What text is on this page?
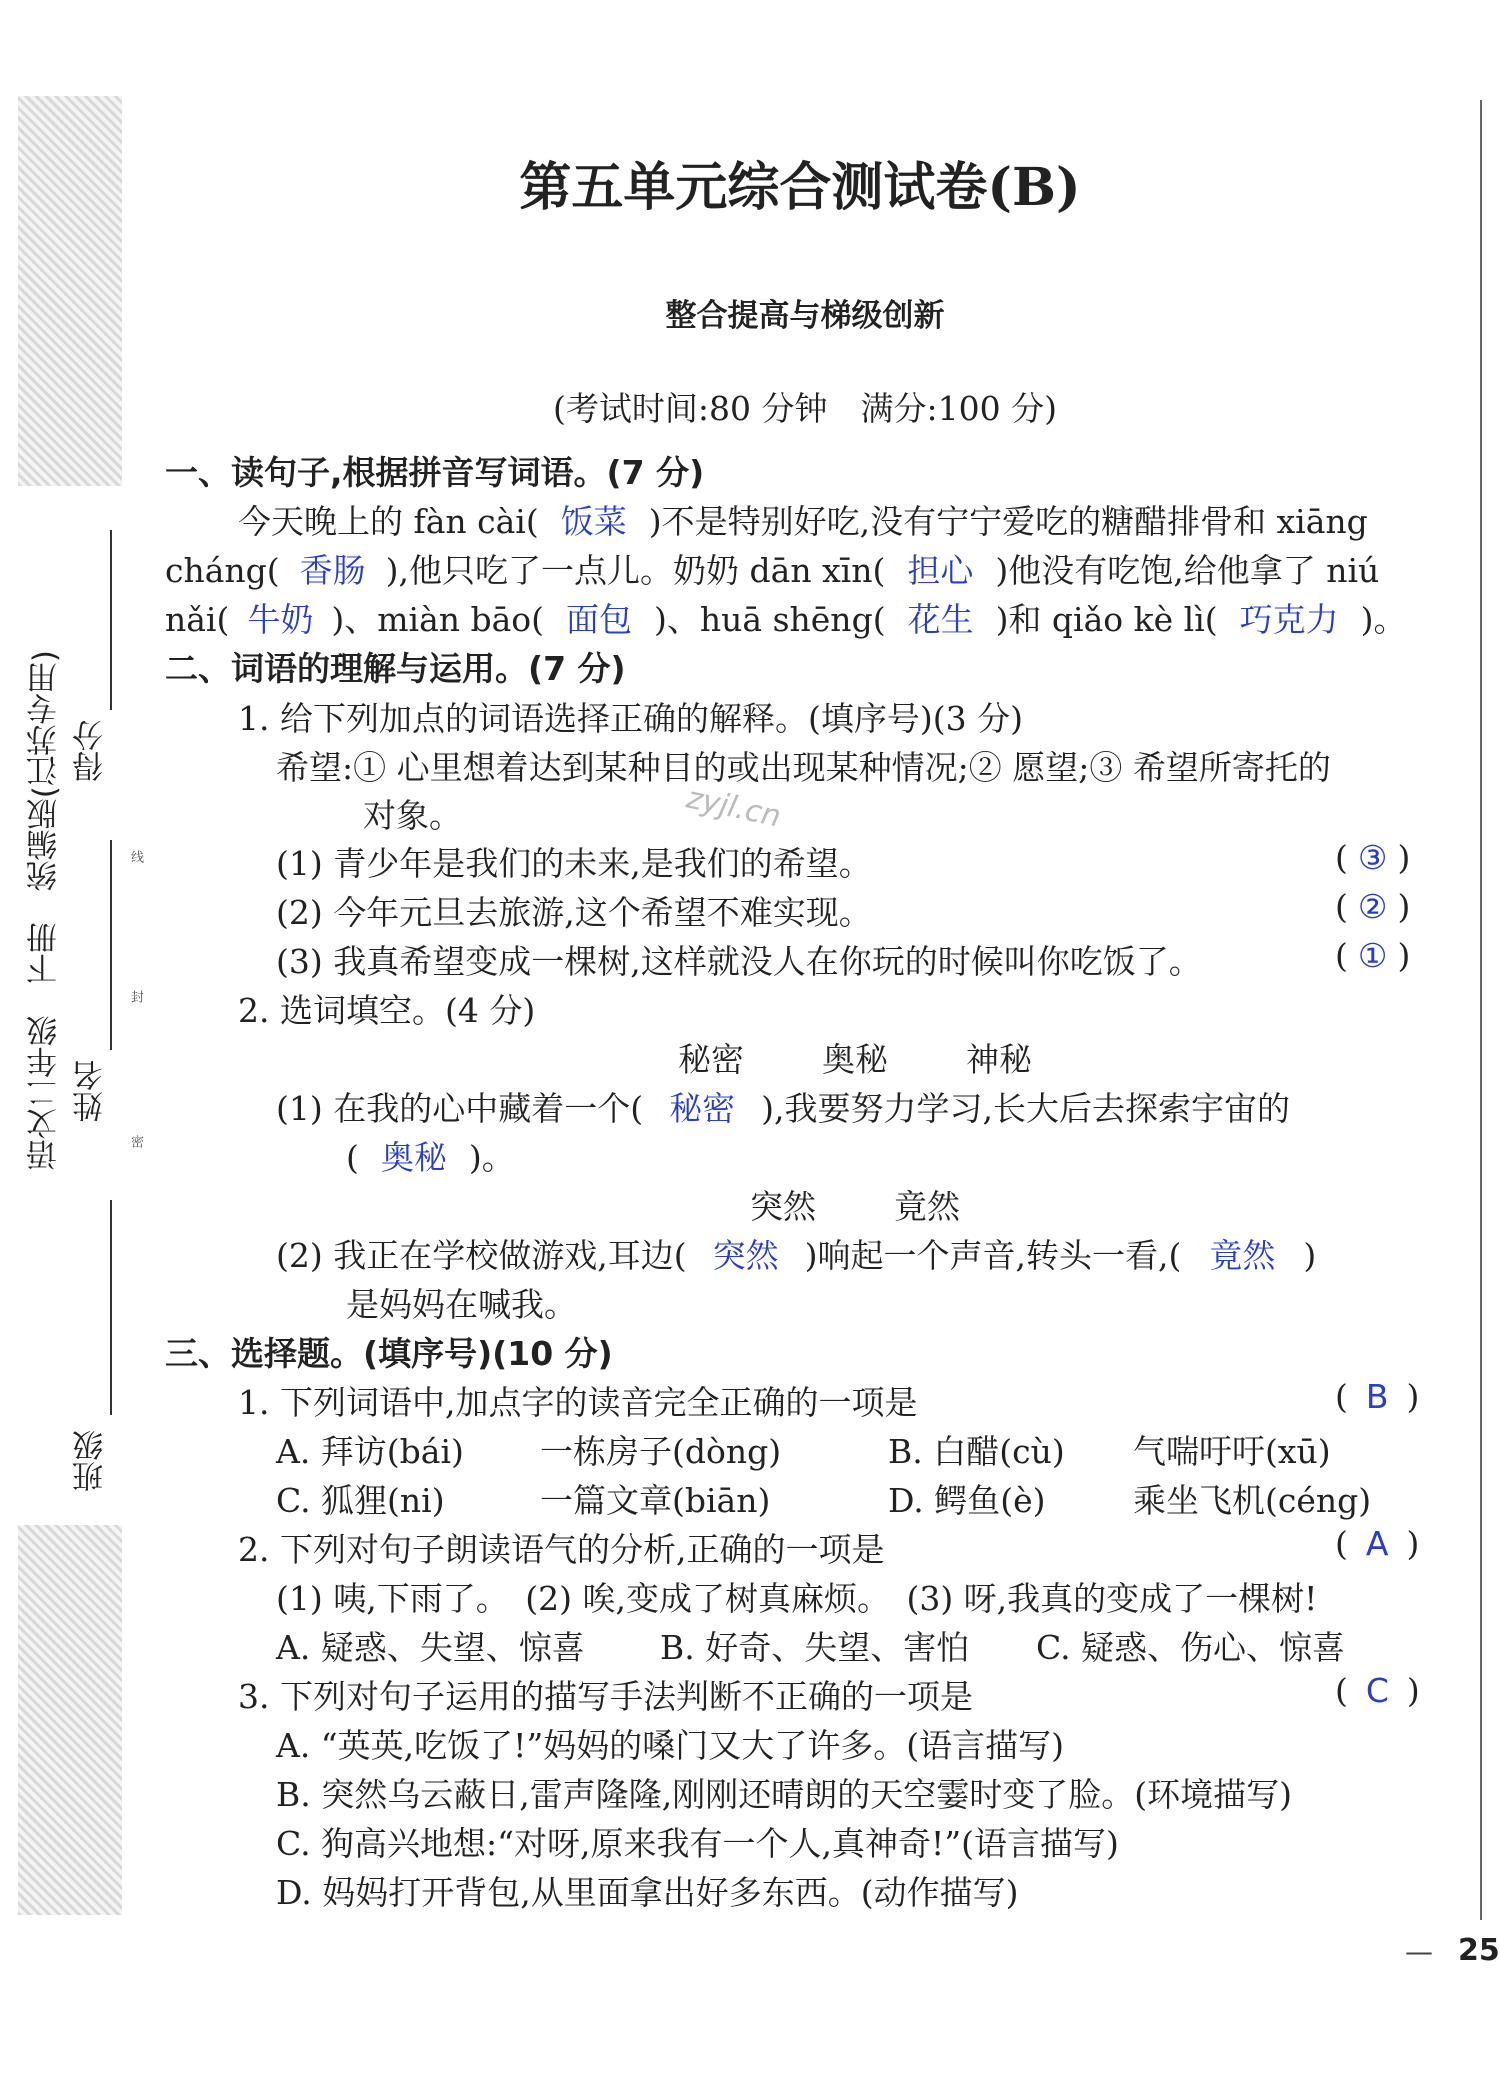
语文二年级　下册　统编版(江苏专用)
班级
姓名
得分
线
封
密
第五单元综合测试卷(B)
整合提高与梯级创新
(考试时间:80 分钟　满分:100 分)
一、读句子,根据拼音写词语。(7 分)
今天晚上的 fàn cài( 饭菜 )不是特别好吃,没有宁宁爱吃的糖醋排骨和 xiāng
cháng( 香肠 ),他只吃了一点儿。奶奶 dān xīn( 担心 )他没有吃饱,给他拿了 niú
nǎi( 牛奶 )、miàn bāo( 面包 )、huā shēng( 花生 )和 qiǎo kè lì( 巧克力 )。
二、词语的理解与运用。(7 分)
1. 给下列加点的词语选择正确的解释。(填序号)(3 分)
希望:① 心里想着达到某种目的或出现某种情况;② 愿望;③ 希望所寄托的
对象。	zyjl.cn
(1) 青少年是我们的未来,是我们的希望。	( ③ )
(2) 今年元旦去旅游,这个希望不难实现。	( ② )
(3) 我真希望变成一棵树,这样就没人在你玩的时候叫你吃饭了。	( ① )
2. 选词填空。(4 分)
秘密 奥秘 神秘
(1) 在我的心中藏着一个( 秘密 ),我要努力学习,长大后去探索宇宙的
( 奥秘 )。
突然 竟然
(2) 我正在学校做游戏,耳边( 突然 )响起一个声音,转头一看,( 竟然 )
是妈妈在喊我。
三、选择题。(填序号)(10 分)
1. 下列词语中,加点字的读音完全正确的一项是	( B )
A. 拜访(bái) 一栋房子(dòng)	B. 白醋(cù) 气喘吁吁(xū)
C. 狐狸(ni)	一篇文章(biān)	D. 鳄鱼(è)	乘坐飞机(céng)
2. 下列对句子朗读语气的分析,正确的一项是	( A )
(1) 咦,下雨了。　(2) 唉,变成了树真麻烦。　(3) 呀,我真的变成了一棵树!
A. 疑惑、失望、惊喜 B. 好奇、失望、害怕 C. 疑惑、伤心、惊喜
3. 下列对句子运用的描写手法判断不正确的一项是	( C )
A. “英英,吃饭了!”妈妈的嗓门又大了许多。(语言描写)
B. 突然乌云蔽日,雷声隆隆,刚刚还晴朗的天空霎时变了脸。(环境描写)
C. 狗高兴地想:“对呀,原来我有一个人,真神奇!”(语言描写)
D. 妈妈打开背包,从里面拿出好多东西。(动作描写)
— 25
